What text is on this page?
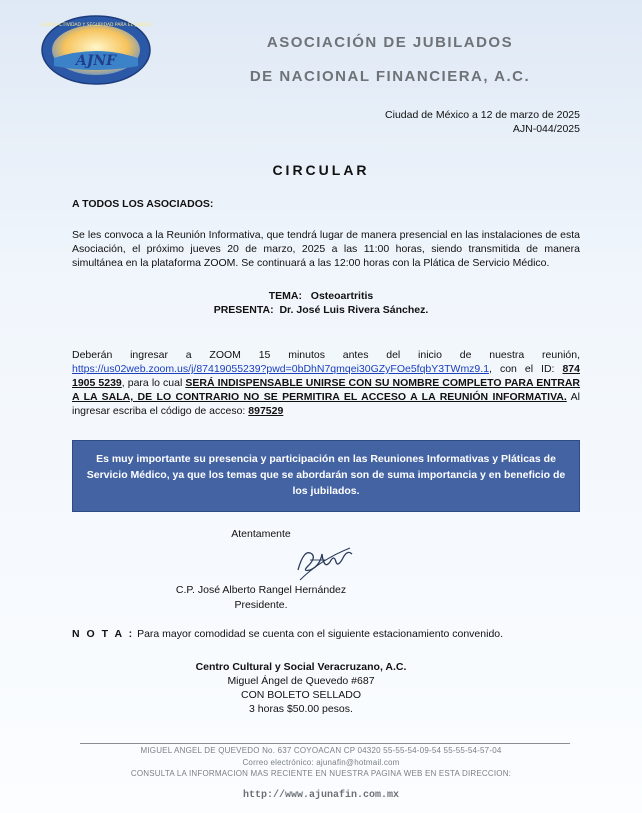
AJNF
ALEGRIA ACTIVIDAD Y SEGURIDAD PARA EL JUBILADO
ASOCIACIÓN DE JUBILADOS
DE NACIONAL FINANCIERA, A.C.
Ciudad de México a 12 de marzo de 2025
AJN-044/2025
CIRCULAR
A TODOS LOS ASOCIADOS:
Se les convoca a la Reunión Informativa, que tendrá lugar de manera presencial en las instalaciones de esta Asociación, el próximo jueves 20 de marzo, 2025 a las 11:00 horas, siendo transmitida de manera simultánea en la plataforma ZOOM. Se continuará a las 12:00 horas con la Plática de Servicio Médico.
TEMA: Osteoartritis
PRESENTA: Dr. José Luis Rivera Sánchez.
Deberán ingresar a ZOOM 15 minutos antes del inicio de nuestra reunión, https://us02web.zoom.us/j/87419055239?pwd=0bDhN7qmqei30GZyFOe5fqbY3TWmz9.1, con el ID: 874 1905 5239, para lo cual SERÁ INDISPENSABLE UNIRSE CON SU NOMBRE COMPLETO PARA ENTRAR A LA SALA, DE LO CONTRARIO NO SE PERMITIRA EL ACCESO A LA REUNIÓN INFORMATIVA. Al ingresar escriba el código de acceso: 897529
Es muy importante su presencia y participación en las Reuniones Informativas y Pláticas de Servicio Médico, ya que los temas que se abordarán son de suma importancia y en beneficio de los jubilados.
Atentamente
C.P. José Alberto Rangel Hernández
Presidente.
N O T A : Para mayor comodidad se cuenta con el siguiente estacionamiento convenido.
Centro Cultural y Social Veracruzano, A.C.
Miguel Ángel de Quevedo #687
CON BOLETO SELLADO
3 horas $50.00 pesos.
MIGUEL ANGEL DE QUEVEDO No. 637 COYOACAN CP 04320 55-55-54-09-54 55-55-54-57-04
Correo electrónico: ajunafin@hotmail.com
CONSULTA LA INFORMACION MAS RECIENTE EN NUESTRA PAGINA WEB EN ESTA DIRECCION:
http://www.ajunafin.com.mx
